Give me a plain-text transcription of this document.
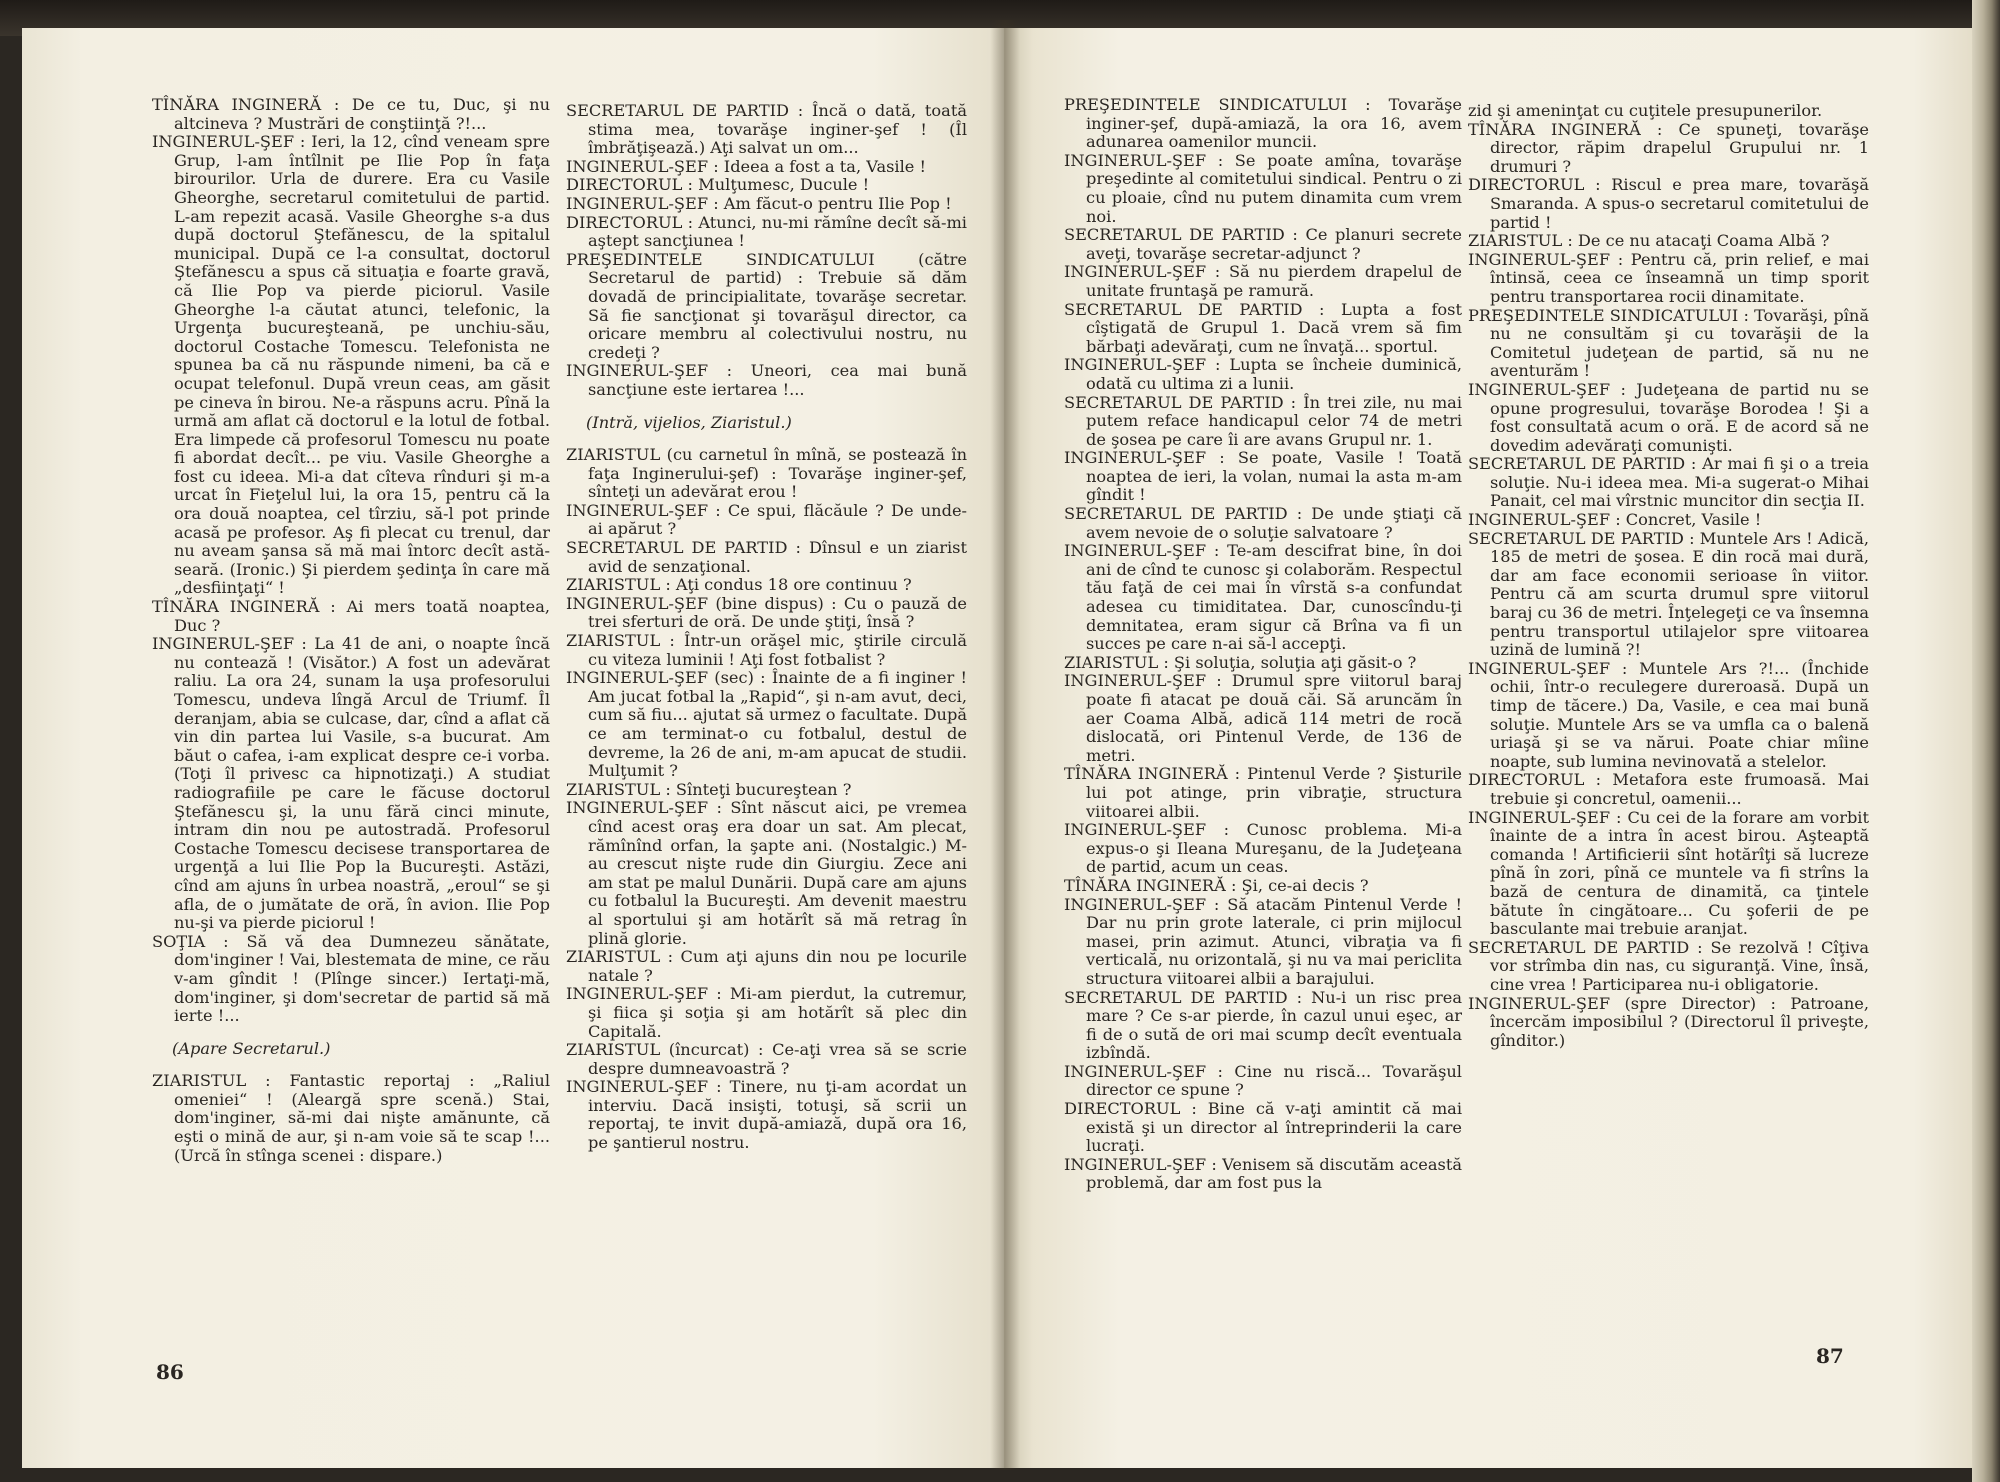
TÎNĂRA INGINERĂ : De ce tu, Duc, şi nu altcineva ? Mustrări de conştiinţă ?!...

INGINERUL-ŞEF : Ieri, la 12, cînd veneam spre Grup, l-am întîlnit pe Ilie Pop în faţa birourilor. Urla de durere. Era cu Vasile Gheorghe, secretarul comitetului de partid. L-am repezit acasă. Vasile Gheorghe s-a dus după doctorul Ştefănescu, de la spitalul municipal. După ce l-a consultat, doctorul Ştefănescu a spus că situaţia e foarte gravă, că Ilie Pop va pierde piciorul. Vasile Gheorghe l-a căutat atunci, telefonic, la Urgenţa bucureşteană, pe unchiu-său, doctorul Costache Tomescu. Telefonista ne spunea ba că nu răspunde nimeni, ba că e ocupat telefonul. După vreun ceas, am găsit pe cineva în birou. Ne-a răspuns acru. Pînă la urmă am aflat că doctorul e la lotul de fotbal. Era limpede că profesorul Tomescu nu poate fi abordat decît... pe viu. Vasile Gheorghe a fost cu ideea. Mi-a dat cîteva rînduri şi m-a urcat în Fieţelul lui, la ora 15, pentru că la ora două noaptea, cel tîrziu, să-l pot prinde acasă pe profesor. Aş fi plecat cu trenul, dar nu aveam şansa să mă mai întorc decît astă-seară. (Ironic.) Şi pierdem şedinţa în care mă „desfiinţaţi“ !

TÎNĂRA INGINERĂ : Ai mers toată noaptea, Duc ?

INGINERUL-ŞEF : La 41 de ani, o noapte încă nu contează ! (Visător.) A fost un adevărat raliu. La ora 24, sunam la uşa profesorului Tomescu, undeva lîngă Arcul de Triumf. Îl deranjam, abia se culcase, dar, cînd a aflat că vin din partea lui Vasile, s-a bucurat. Am băut o cafea, i-am explicat despre ce-i vorba. (Toţi îl privesc ca hipnotizaţi.) A studiat radiografiile pe care le făcuse doctorul Ştefănescu şi, la unu fără cinci minute, intram din nou pe autostradă. Profesorul Costache Tomescu decisese transportarea de urgenţă a lui Ilie Pop la Bucureşti. Astăzi, cînd am ajuns în urbea noastră, „eroul“ se şi afla, de o jumătate de oră, în avion. Ilie Pop nu-şi va pierde piciorul !

SOŢIA : Să vă dea Dumnezeu sănătate, dom'inginer ! Vai, blestemata de mine, ce rău v-am gîndit ! (Plînge sincer.) Iertaţi-mă, dom'inginer, şi dom'secretar de partid să mă ierte !...

(Apare Secretarul.)

ZIARISTUL : Fantastic reportaj : „Raliul omeniei“ ! (Aleargă spre scenă.) Stai, dom'inginer, să-mi dai nişte amănunte, că eşti o mină de aur, şi n-am voie să te scap !... (Urcă în stînga scenei : dispare.)

SECRETARUL DE PARTID : Încă o dată, toată stima mea, tovarăşe inginer-şef ! (Îl îmbrăţişează.) Aţi salvat un om...

INGINERUL-ŞEF : Ideea a fost a ta, Vasile !

DIRECTORUL : Mulţumesc, Ducule !

INGINERUL-ŞEF : Am făcut-o pentru Ilie Pop !

DIRECTORUL : Atunci, nu-mi rămîne decît să-mi aştept sancţiunea !

PREŞEDINTELE SINDICATULUI (către Secretarul de partid) : Trebuie să dăm dovadă de principialitate, tovarăşe secretar. Să fie sancţionat şi tovarăşul director, ca oricare membru al colectivului nostru, nu credeţi ?

INGINERUL-ŞEF : Uneori, cea mai bună sancţiune este iertarea !...

(Intră, vijelios, Ziaristul.)

ZIARISTUL (cu carnetul în mînă, se postează în faţa Inginerului-şef) : Tovarăşe inginer-şef, sînteţi un adevărat erou !

INGINERUL-ŞEF : Ce spui, flăcăule ? De unde-ai apărut ?

SECRETARUL DE PARTID : Dînsul e un ziarist avid de senzaţional.

ZIARISTUL : Aţi condus 18 ore continuu ?

INGINERUL-ŞEF (bine dispus) : Cu o pauză de trei sferturi de oră. De unde ştiţi, însă ?

ZIARISTUL : Într-un orăşel mic, ştirile circulă cu viteza luminii ! Aţi fost fotbalist ?

INGINERUL-ŞEF (sec) : Înainte de a fi inginer ! Am jucat fotbal la „Rapid“, şi n-am avut, deci, cum să fiu... ajutat să urmez o facultate. După ce am terminat-o cu fotbalul, destul de devreme, la 26 de ani, m-am apucat de studii. Mulţumit ?

ZIARISTUL : Sînteţi bucureştean ?

INGINERUL-ŞEF : Sînt născut aici, pe vremea cînd acest oraş era doar un sat. Am plecat, rămînînd orfan, la şapte ani. (Nostalgic.) M-au crescut nişte rude din Giurgiu. Zece ani am stat pe malul Dunării. După care am ajuns cu fotbalul la Bucureşti. Am devenit maestru al sportului şi am hotărît să mă retrag în plină glorie.

ZIARISTUL : Cum aţi ajuns din nou pe locurile natale ?

INGINERUL-ŞEF : Mi-am pierdut, la cutremur, şi fiica şi soţia şi am hotărît să plec din Capitală.

ZIARISTUL (încurcat) : Ce-aţi vrea să se scrie despre dumneavoastră ?

INGINERUL-ŞEF : Tinere, nu ţi-am acordat un interviu. Dacă insişti, totuşi, să scrii un reportaj, te invit după-amiază, după ora 16, pe şantierul nostru.

86

PREŞEDINTELE SINDICATULUI : Tovarăşe inginer-şef, după-amiază, la ora 16, avem adunarea oamenilor muncii.

INGINERUL-ŞEF : Se poate amîna, tovarăşe preşedinte al comitetului sindical. Pentru o zi cu ploaie, cînd nu putem dinamita cum vrem noi.

SECRETARUL DE PARTID : Ce planuri secrete aveţi, tovarăşe secretar-adjunct ?

INGINERUL-ŞEF : Să nu pierdem drapelul de unitate fruntaşă pe ramură.

SECRETARUL DE PARTID : Lupta a fost cîştigată de Grupul 1. Dacă vrem să fim bărbaţi adevăraţi, cum ne învaţă... sportul.

INGINERUL-ŞEF : Lupta se încheie duminică, odată cu ultima zi a lunii.

SECRETARUL DE PARTID : În trei zile, nu mai putem reface handicapul celor 74 de metri de şosea pe care îi are avans Grupul nr. 1.

INGINERUL-ŞEF : Se poate, Vasile ! Toată noaptea de ieri, la volan, numai la asta m-am gîndit !

SECRETARUL DE PARTID : De unde ştiaţi că avem nevoie de o soluţie salvatoare ?

INGINERUL-ŞEF : Te-am descifrat bine, în doi ani de cînd te cunosc şi colaborăm. Respectul tău faţă de cei mai în vîrstă s-a confundat adesea cu timiditatea. Dar, cunoscîndu-ţi demnitatea, eram sigur că Brîna va fi un succes pe care n-ai să-l accepţi.

ZIARISTUL : Şi soluţia, soluţia aţi găsit-o ?

INGINERUL-ŞEF : Drumul spre viitorul baraj poate fi atacat pe două căi. Să aruncăm în aer Coama Albă, adică 114 metri de rocă dislocată, ori Pintenul Verde, de 136 de metri.

TÎNĂRA INGINERĂ : Pintenul Verde ? Şisturile lui pot atinge, prin vibraţie, structura viitoarei albii.

INGINERUL-ŞEF : Cunosc problema. Mi-a expus-o şi Ileana Mureşanu, de la Judeţeana de partid, acum un ceas.

TÎNĂRA INGINERĂ : Şi, ce-ai decis ?

INGINERUL-ŞEF : Să atacăm Pintenul Verde ! Dar nu prin grote laterale, ci prin mijlocul masei, prin azimut. Atunci, vibraţia va fi verticală, nu orizontală, şi nu va mai periclita structura viitoarei albii a barajului.

SECRETARUL DE PARTID : Nu-i un risc prea mare ? Ce s-ar pierde, în cazul unui eşec, ar fi de o sută de ori mai scump decît eventuala izbîndă.

INGINERUL-ŞEF : Cine nu riscă... Tovarăşul director ce spune ?

DIRECTORUL : Bine că v-aţi amintit că mai există şi un director al întreprinderii la care lucraţi.

INGINERUL-ŞEF : Venisem să discutăm această problemă, dar am fost pus la

zid şi ameninţat cu cuţitele presupunerilor.

TÎNĂRA INGINERĂ : Ce spuneţi, tovarăşe director, răpim drapelul Grupului nr. 1 drumuri ?

DIRECTORUL : Riscul e prea mare, tovarăşă Smaranda. A spus-o secretarul comitetului de partid !

ZIARISTUL : De ce nu atacaţi Coama Albă ?

INGINERUL-ŞEF : Pentru că, prin relief, e mai întinsă, ceea ce înseamnă un timp sporit pentru transportarea rocii dinamitate.

PREŞEDINTELE SINDICATULUI : Tovarăşi, pînă nu ne consultăm şi cu tovarăşii de la Comitetul judeţean de partid, să nu ne aventurăm !

INGINERUL-ŞEF : Judeţeana de partid nu se opune progresului, tovarăşe Borodea ! Şi a fost consultată acum o oră. E de acord să ne dovedim adevăraţi comunişti.

SECRETARUL DE PARTID : Ar mai fi şi o a treia soluţie. Nu-i ideea mea. Mi-a sugerat-o Mihai Panait, cel mai vîrstnic muncitor din secţia II.

INGINERUL-ŞEF : Concret, Vasile !

SECRETARUL DE PARTID : Muntele Ars ! Adică, 185 de metri de şosea. E din rocă mai dură, dar am face economii serioase în viitor. Pentru că am scurta drumul spre viitorul baraj cu 36 de metri. Înţelegeţi ce va însemna pentru transportul utilajelor spre viitoarea uzină de lumină ?!

INGINERUL-ŞEF : Muntele Ars ?!... (Închide ochii, într-o reculegere dureroasă. După un timp de tăcere.) Da, Vasile, e cea mai bună soluţie. Muntele Ars se va umfla ca o balenă uriaşă şi se va nărui. Poate chiar mîine noapte, sub lumina nevinovată a stelelor.

DIRECTORUL : Metafora este frumoasă. Mai trebuie şi concretul, oamenii...

INGINERUL-ŞEF : Cu cei de la forare am vorbit înainte de a intra în acest birou. Aşteaptă comanda ! Artificierii sînt hotărîţi să lucreze pînă în zori, pînă ce muntele va fi strîns la bază de centura de dinamită, ca ţintele bătute în cingătoare... Cu şoferii de pe basculante mai trebuie aranjat.

SECRETARUL DE PARTID : Se rezolvă ! Cîţiva vor strîmba din nas, cu siguranţă. Vine, însă, cine vrea ! Participarea nu-i obligatorie.

INGINERUL-ŞEF (spre Director) : Patroane, încercăm imposibilul ? (Directorul îl priveşte, gînditor.)

87
